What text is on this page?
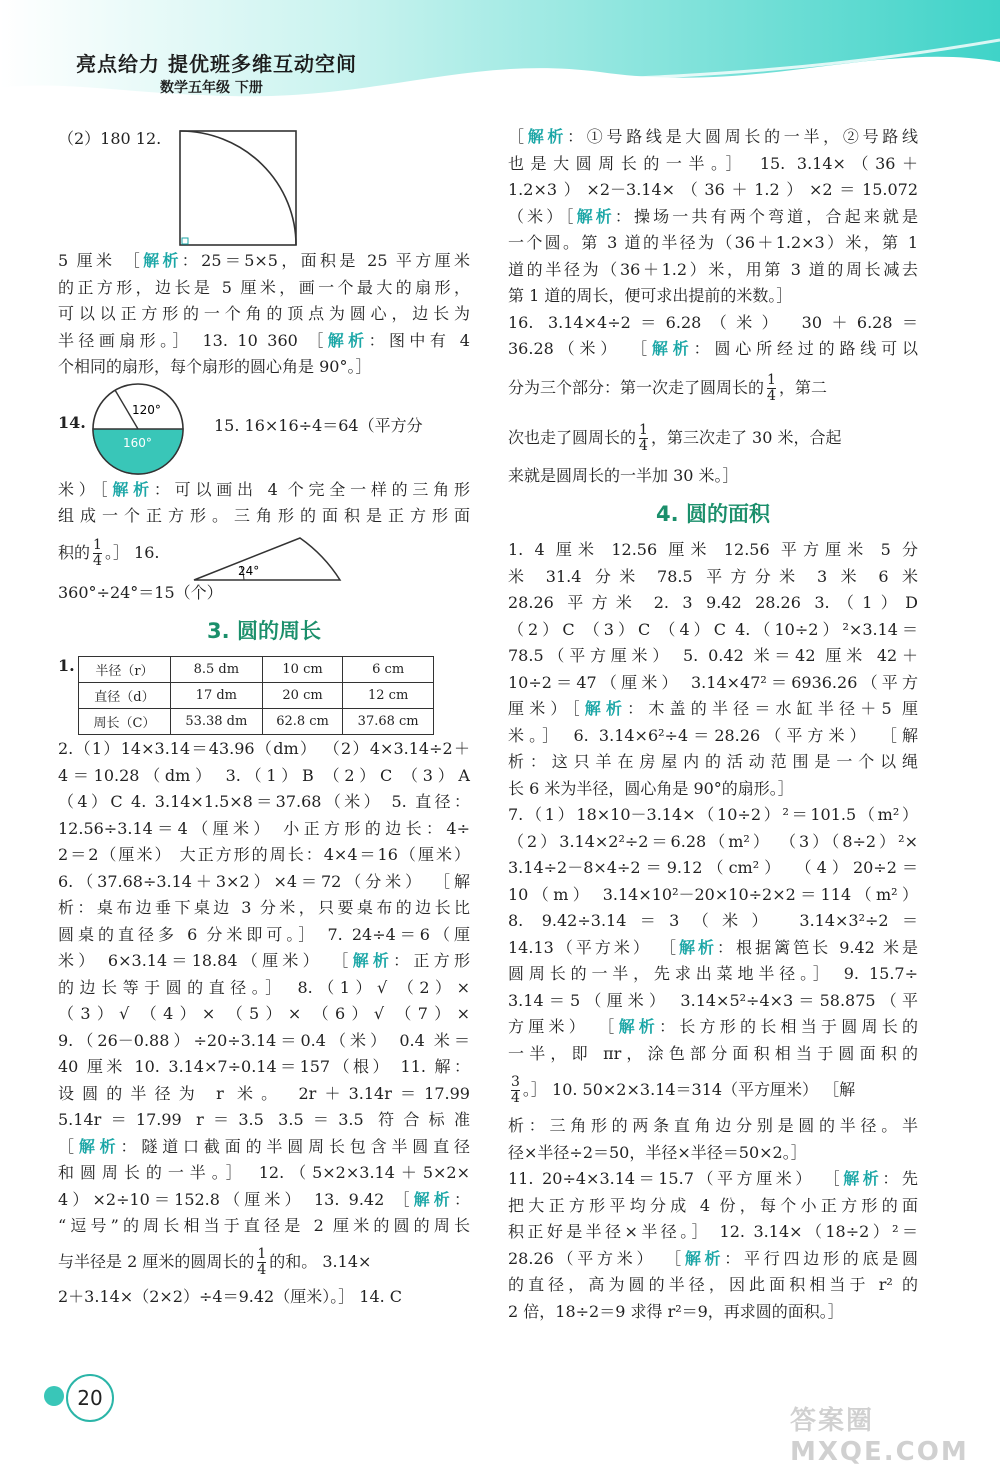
亮点给力 提优班多维互动空间
数学五年级 下册
（2）180 12.
5 厘米 ［解析：25＝5×5，面积是 25 平方厘米
的正方形，边长是 5 厘米，画一个最大的扇形，
可以以正方形的一个角的顶点为圆心，边长为
半径画扇形。］ 13. 10 360 ［解析：图中有 4
个相同的扇形，每个扇形的圆心角是 90°。］
14.
120°
160°
15. 16×16÷4＝64（平方分
米）［解析：可以画出 4 个完全一样的三角形
组成一个正方形。三角形的面积是正方形面
积的 $\frac{1}{4}$ 。］ 16.
24°
360°÷24°＝15（个）
3. 圆的周长
1. 半径（r）	8.5 dm	10 cm	6 cm
直径（d）	17 dm	20 cm	12 cm
周长（C）	53.38 dm	62.8 cm	37.68 cm
2.（1）14×3.14＝43.96（dm） （2）4×3.14÷2＋
4＝10.28（dm） 3.（1）B （2）C （3）A
（4）C 4. 3.14×1.5×8＝37.68（米） 5. 直径：
12.56÷3.14＝4（厘米） 小正方形的边长：4÷
2＝2（厘米） 大正方形的周长：4×4＝16（厘米）
6.（37.68÷3.14＋3×2）×4＝72（分米） ［解
析：桌布边垂下桌边 3 分米，只要桌布的边长比
圆桌的直径多 6 分米即可。］ 7. 24÷4＝6（厘
米） 6×3.14＝18.84（厘米） ［解析：正方形
的边长等于圆的直径。］ 8.（1）√ （2）×
（3）√ （4）× （5）× （6）√ （7）×
9.（26－0.88）÷20÷3.14＝0.4（米） 0.4 米＝
40 厘米 10. 3.14×7÷0.14＝157（根） 11. 解：
设圆的半径为 r 米。 2r＋3.14r＝17.99
5.14r＝17.99 r＝3.5 3.5＝3.5 符合标准
［解析：隧道口截面的半圆周长包含半圆直径
和圆周长的一半。］ 12.（5×2×3.14＋5×2×
4）×2÷10＝152.8（厘米） 13. 9.42 ［解析：
“逗号”的周长相当于直径是 2 厘米的圆的周长
与半径是 2 厘米的圆周长的 $\frac{1}{4}$ 的和。 3.14×
2＋3.14×（2×2）÷4＝9.42（厘米）。］ 14. C
［解析：①号路线是大圆周长的一半，②号路线
也是大圆周长的一半。］ 15. 3.14×（36＋
1.2×3）×2－3.14×（36＋1.2）×2＝15.072
（米）［解析：操场一共有两个弯道，合起来就是
一个圆。第 3 道的半径为（36＋1.2×3）米，第 1
道的半径为（36＋1.2）米，用第 3 道的周长减去
第 1 道的周长，便可求出提前的米数。］
16. 3.14×4÷2＝6.28（米） 30＋6.28＝
36.28（米） ［解析：圆心所经过的路线可以
分为三个部分：第一次走了圆周长的 $\frac{1}{4}$ ，第二
次也走了圆周长的 $\frac{1}{4}$ ，第三次走了 30 米，合起
来就是圆周长的一半加 30 米。］
4. 圆的面积
1. 4 厘米 12.56 厘米 12.56 平方厘米 5 分
米 31.4 分米 78.5 平方分米 3 米 6 米
28.26 平方米 2. 3 9.42 28.26 3.（1）D
（2）C （3）C （4）C 4.（10÷2）²×3.14＝
78.5（平方厘米） 5. 0.42 米＝42 厘米 42＋
10÷2＝47（厘米） 3.14×47²＝6936.26（平方
厘米）［解析：木盖的半径＝水缸半径＋5 厘
米。］ 6. 3.14×6²÷4＝28.26（平方米） ［解
析：这只羊在房屋内的活动范围是一个以绳
长 6 米为半径，圆心角是 90°的扇形。］
7.（1）18×10－3.14×（10÷2）²＝101.5（m²）
（2）3.14×2²÷2＝6.28（m²） （3）（8÷2）²×
3.14÷2－8×4÷2＝9.12（cm²） （4）20÷2＝
10（m） 3.14×10²－20×10÷2×2＝114（m²）
8. 9.42÷3.14＝3（米） 3.14×3²÷2＝
14.13（平方米） ［解析：根据篱笆长 9.42 米是
圆周长的一半，先求出菜地半径。］ 9. 15.7÷
3.14＝5（厘米） 3.14×5²÷4×3＝58.875（平
方厘米） ［解析：长方形的长相当于圆周长的
一半，即 πr，涂色部分面积相当于圆面积的
$\frac{3}{4}$ 。］ 10. 50×2×3.14＝314（平方厘米） ［解
析：三角形的两条直角边分别是圆的半径。半
径×半径÷2＝50，半径×半径＝50×2。］
11. 20÷4×3.14＝15.7（平方厘米） ［解析：先
把大正方形平均分成 4 份，每个小正方形的面
积正好是半径×半径。］ 12. 3.14×（18÷2）²＝
28.26（平方米） ［解析：平行四边形的底是圆
的直径，高为圆的半径，因此面积相当于 r² 的
2 倍，18÷2＝9 求得 r²＝9，再求圆的面积。］
20
答案圈 MXQE.COM
